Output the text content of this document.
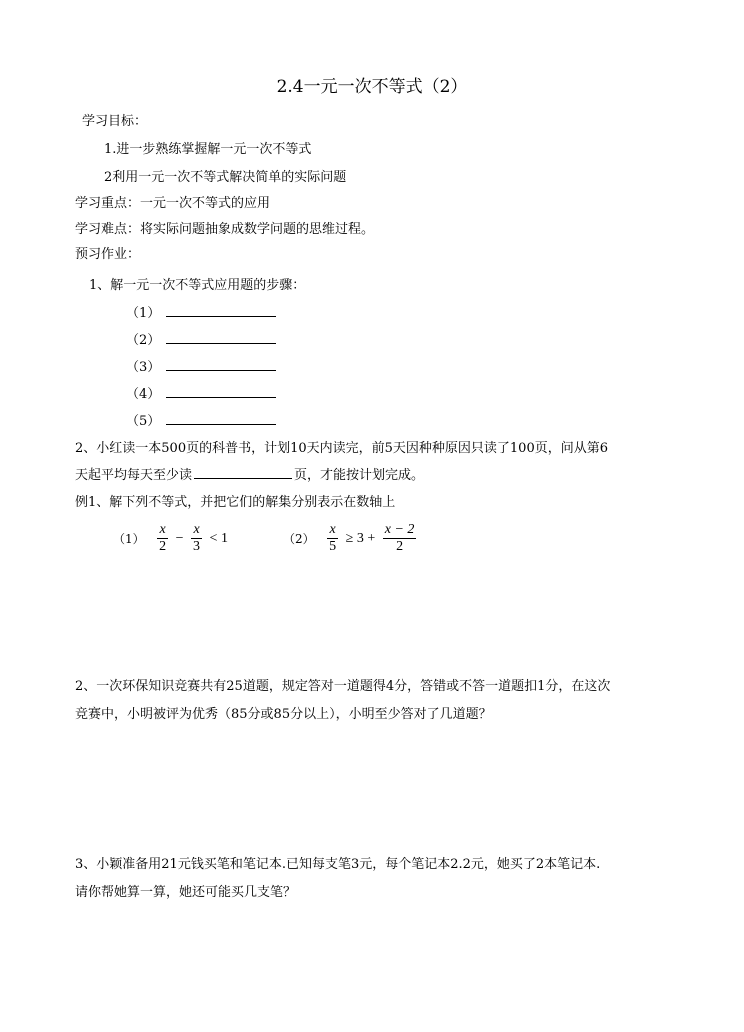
2.4一元一次不等式（2）
学习目标：
1.进一步熟练掌握解一元一次不等式
2利用一元一次不等式解决简单的实际问题
学习重点：一元一次不等式的应用
学习难点：将实际问题抽象成数学问题的思维过程。
预习作业：
1、解一元一次不等式应用题的步骤：
（1）
（2）
（3）
（4）
（5）
2、小红读一本500页的科普书，计划10天内读完，前5天因种种原因只读了100页，问从第6
天起平均每天至少读	页，才能按计划完成。
例1、解下列不等式，并把它们的解集分别表示在数轴上
$(1) \frac{x}{2} - \frac{x}{3} < 1$	$(2) \frac{x}{5} \ge 3 + \frac{x - 2}{2}$
2、一次环保知识竞赛共有25道题，规定答对一道题得4分，答错或不答一道题扣1分，在这次
竞赛中，小明被评为优秀（85分或85分以上），小明至少答对了几道题？
3、小颖准备用21元钱买笔和笔记本.已知每支笔3元，每个笔记本2.2元，她买了2本笔记本.
请你帮她算一算，她还可能买几支笔？
